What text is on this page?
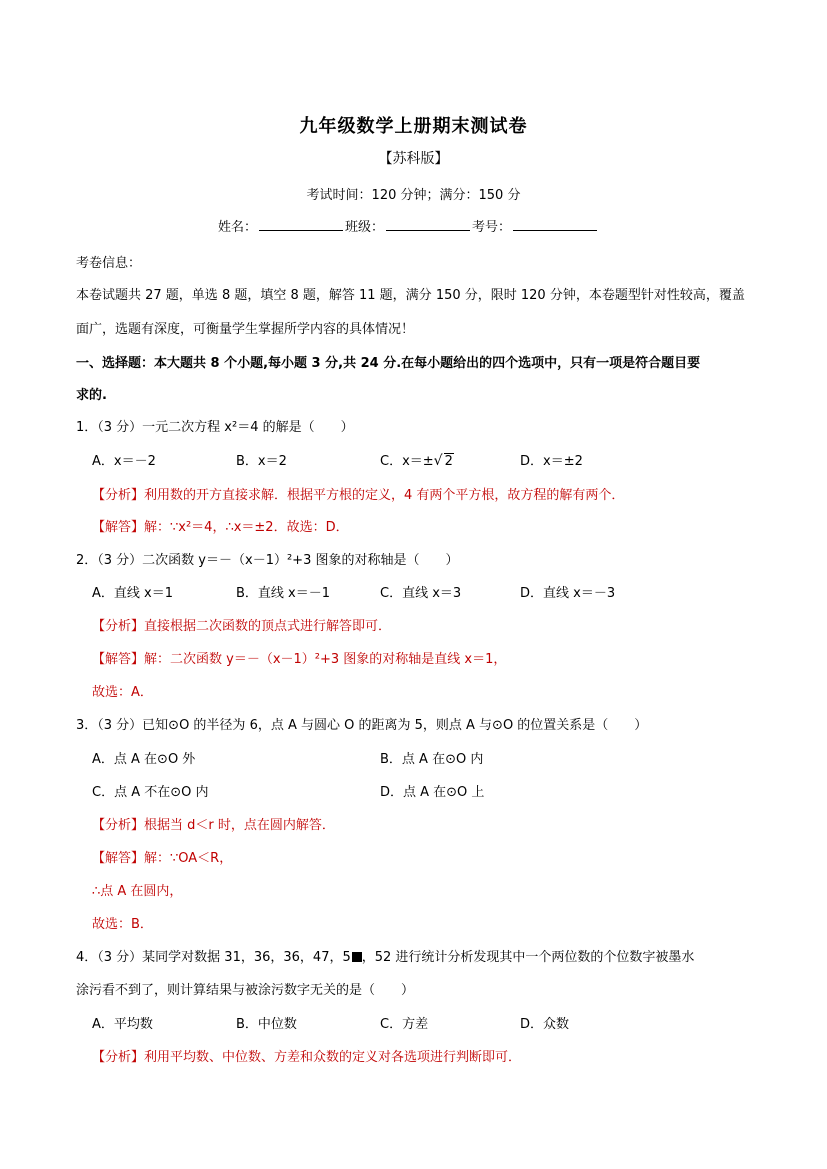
九年级数学上册期末测试卷
【苏科版】
考试时间：120 分钟；满分：150 分
姓名：	班级：	考号：
考卷信息：
本卷试题共 27 题，单选 8 题，填空 8 题，解答 11 题，满分 150 分，限时 120 分钟，本卷题型针对性较高，覆盖
面广，选题有深度，可衡量学生掌握所学内容的具体情况！
一、选择题：本大题共 8 个小题,每小题 3 分,共 24 分.在每小题给出的四个选项中，只有一项是符合题目要
求的.
1．（3 分）一元二次方程 x²＝4 的解是（　　）
A．x＝－2	B．x＝2	C．x＝±√ 2	D．x＝±2
【分析】利用数的开方直接求解．根据平方根的定义，4 有两个平方根，故方程的解有两个．
【解答】解：∵x²＝4，∴x＝±2．故选：D．
2．（3 分）二次函数 y＝－（x－1）²+3 图象的对称轴是（　　）
A．直线 x＝1	B．直线 x＝－1	C．直线 x＝3	D．直线 x＝－3
【分析】直接根据二次函数的顶点式进行解答即可．
【解答】解：二次函数 y＝－（x－1）²+3 图象的对称轴是直线 x＝1，
故选：A．
3．（3 分）已知⊙O 的半径为 6，点 A 与圆心 O 的距离为 5，则点 A 与⊙O 的位置关系是（　　）
A．点 A 在⊙O 外	B．点 A 在⊙O 内
C．点 A 不在⊙O 内	D．点 A 在⊙O 上
【分析】根据当 d＜r 时，点在圆内解答．
【解答】解：∵OA＜R，
∴点 A 在圆内，
故选：B．
4．（3 分）某同学对数据 31，36，36，47，5 ，52 进行统计分析发现其中一个两位数的个位数字被墨水
涂污看不到了，则计算结果与被涂污数字无关的是（　　）
A．平均数	B．中位数	C．方差	D．众数
【分析】利用平均数、中位数、方差和众数的定义对各选项进行判断即可．
